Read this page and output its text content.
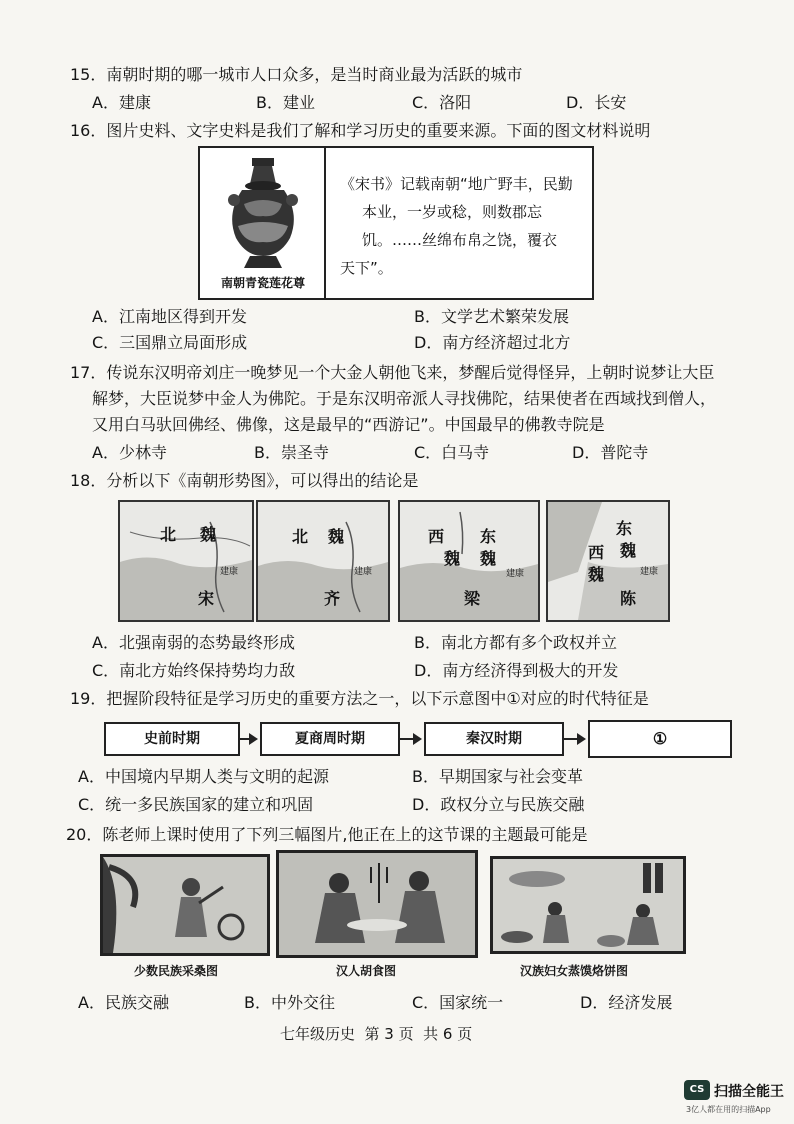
15．南朝时期的哪一城市人口众多，是当时商业最为活跃的城市
A．建康	B．建业	C．洛阳	D．长安
16．图片史料、文字史料是我们了解和学习历史的重要来源。下面的图文材料说明
南朝青瓷莲花尊
《宋书》记载南朝“地广野丰，民勤
本业，一岁或稔，则数郡忘
饥。……丝绵布帛之饶，覆衣
天下”。
A．江南地区得到开发	B．文学艺术繁荣发展
C．三国鼎立局面形成	D．南方经济超过北方
17．传说东汉明帝刘庄一晚梦见一个大金人朝他飞来，梦醒后觉得怪异，上朝时说梦让大臣
解梦，大臣说梦中金人为佛陀。于是东汉明帝派人寻找佛陀，结果使者在西域找到僧人，
又用白马驮回佛经、佛像，这是最早的“西游记”。中国最早的佛教寺院是
A．少林寺	B．崇圣寺	C．白马寺	D．普陀寺
18．分析以下《南朝形势图》，可以得出的结论是
北 魏
宋
建康
北 魏
齐
建康
西
魏
东
魏
梁
建康
东
魏
西
魏
陈
建康
A．北强南弱的态势最终形成	B．南北方都有多个政权并立
C．南北方始终保持势均力敌	D．南方经济得到极大的开发
19．把握阶段特征是学习历史的重要方法之一，以下示意图中①对应的时代特征是
史前时期	夏商周时期	秦汉时期	①
A．中国境内早期人类与文明的起源	B．早期国家与社会变革
C．统一多民族国家的建立和巩固	D．政权分立与民族交融
20．陈老师上课时使用了下列三幅图片,他正在上的这节课的主题最可能是
少数民族采桑图	汉人胡食图	汉族妇女蒸馍烙饼图
A．民族交融	B．中外交往	C．国家统一	D．经济发展
七年级历史  第 3 页  共 6 页
CS 扫描全能王
3亿人都在用的扫描App
